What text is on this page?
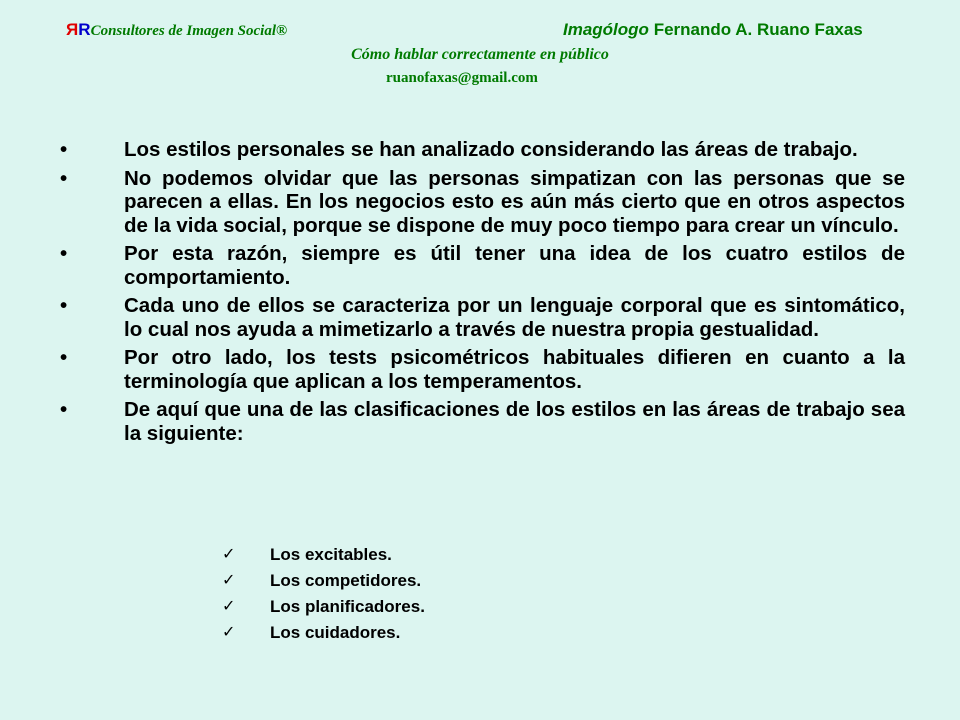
RRConsultores de Imagen Social®	Imagólogo Fernando A. Ruano Faxas
Cómo hablar correctamente en público
ruanofaxas@gmail.com
•	Los estilos personales se han analizado considerando las áreas de trabajo.
•	No podemos olvidar que las personas simpatizan con las personas que se parecen a ellas. En los negocios esto es aún más cierto que en otros aspectos de la vida social, porque se dispone de muy poco tiempo para crear un vínculo.
•	Por esta razón, siempre es útil tener una idea de los cuatro estilos de comportamiento.
•	Cada uno de ellos se caracteriza por un lenguaje corporal que es sintomático, lo cual nos ayuda a mimetizarlo a través de nuestra propia gestualidad.
•	Por otro lado, los tests psicométricos habituales difieren en cuanto a la terminología que aplican a los temperamentos.
•	De aquí que una de las clasificaciones de los estilos en las áreas de trabajo sea la siguiente:
✓ Los excitables.
✓ Los competidores.
✓ Los planificadores.
✓ Los cuidadores.
